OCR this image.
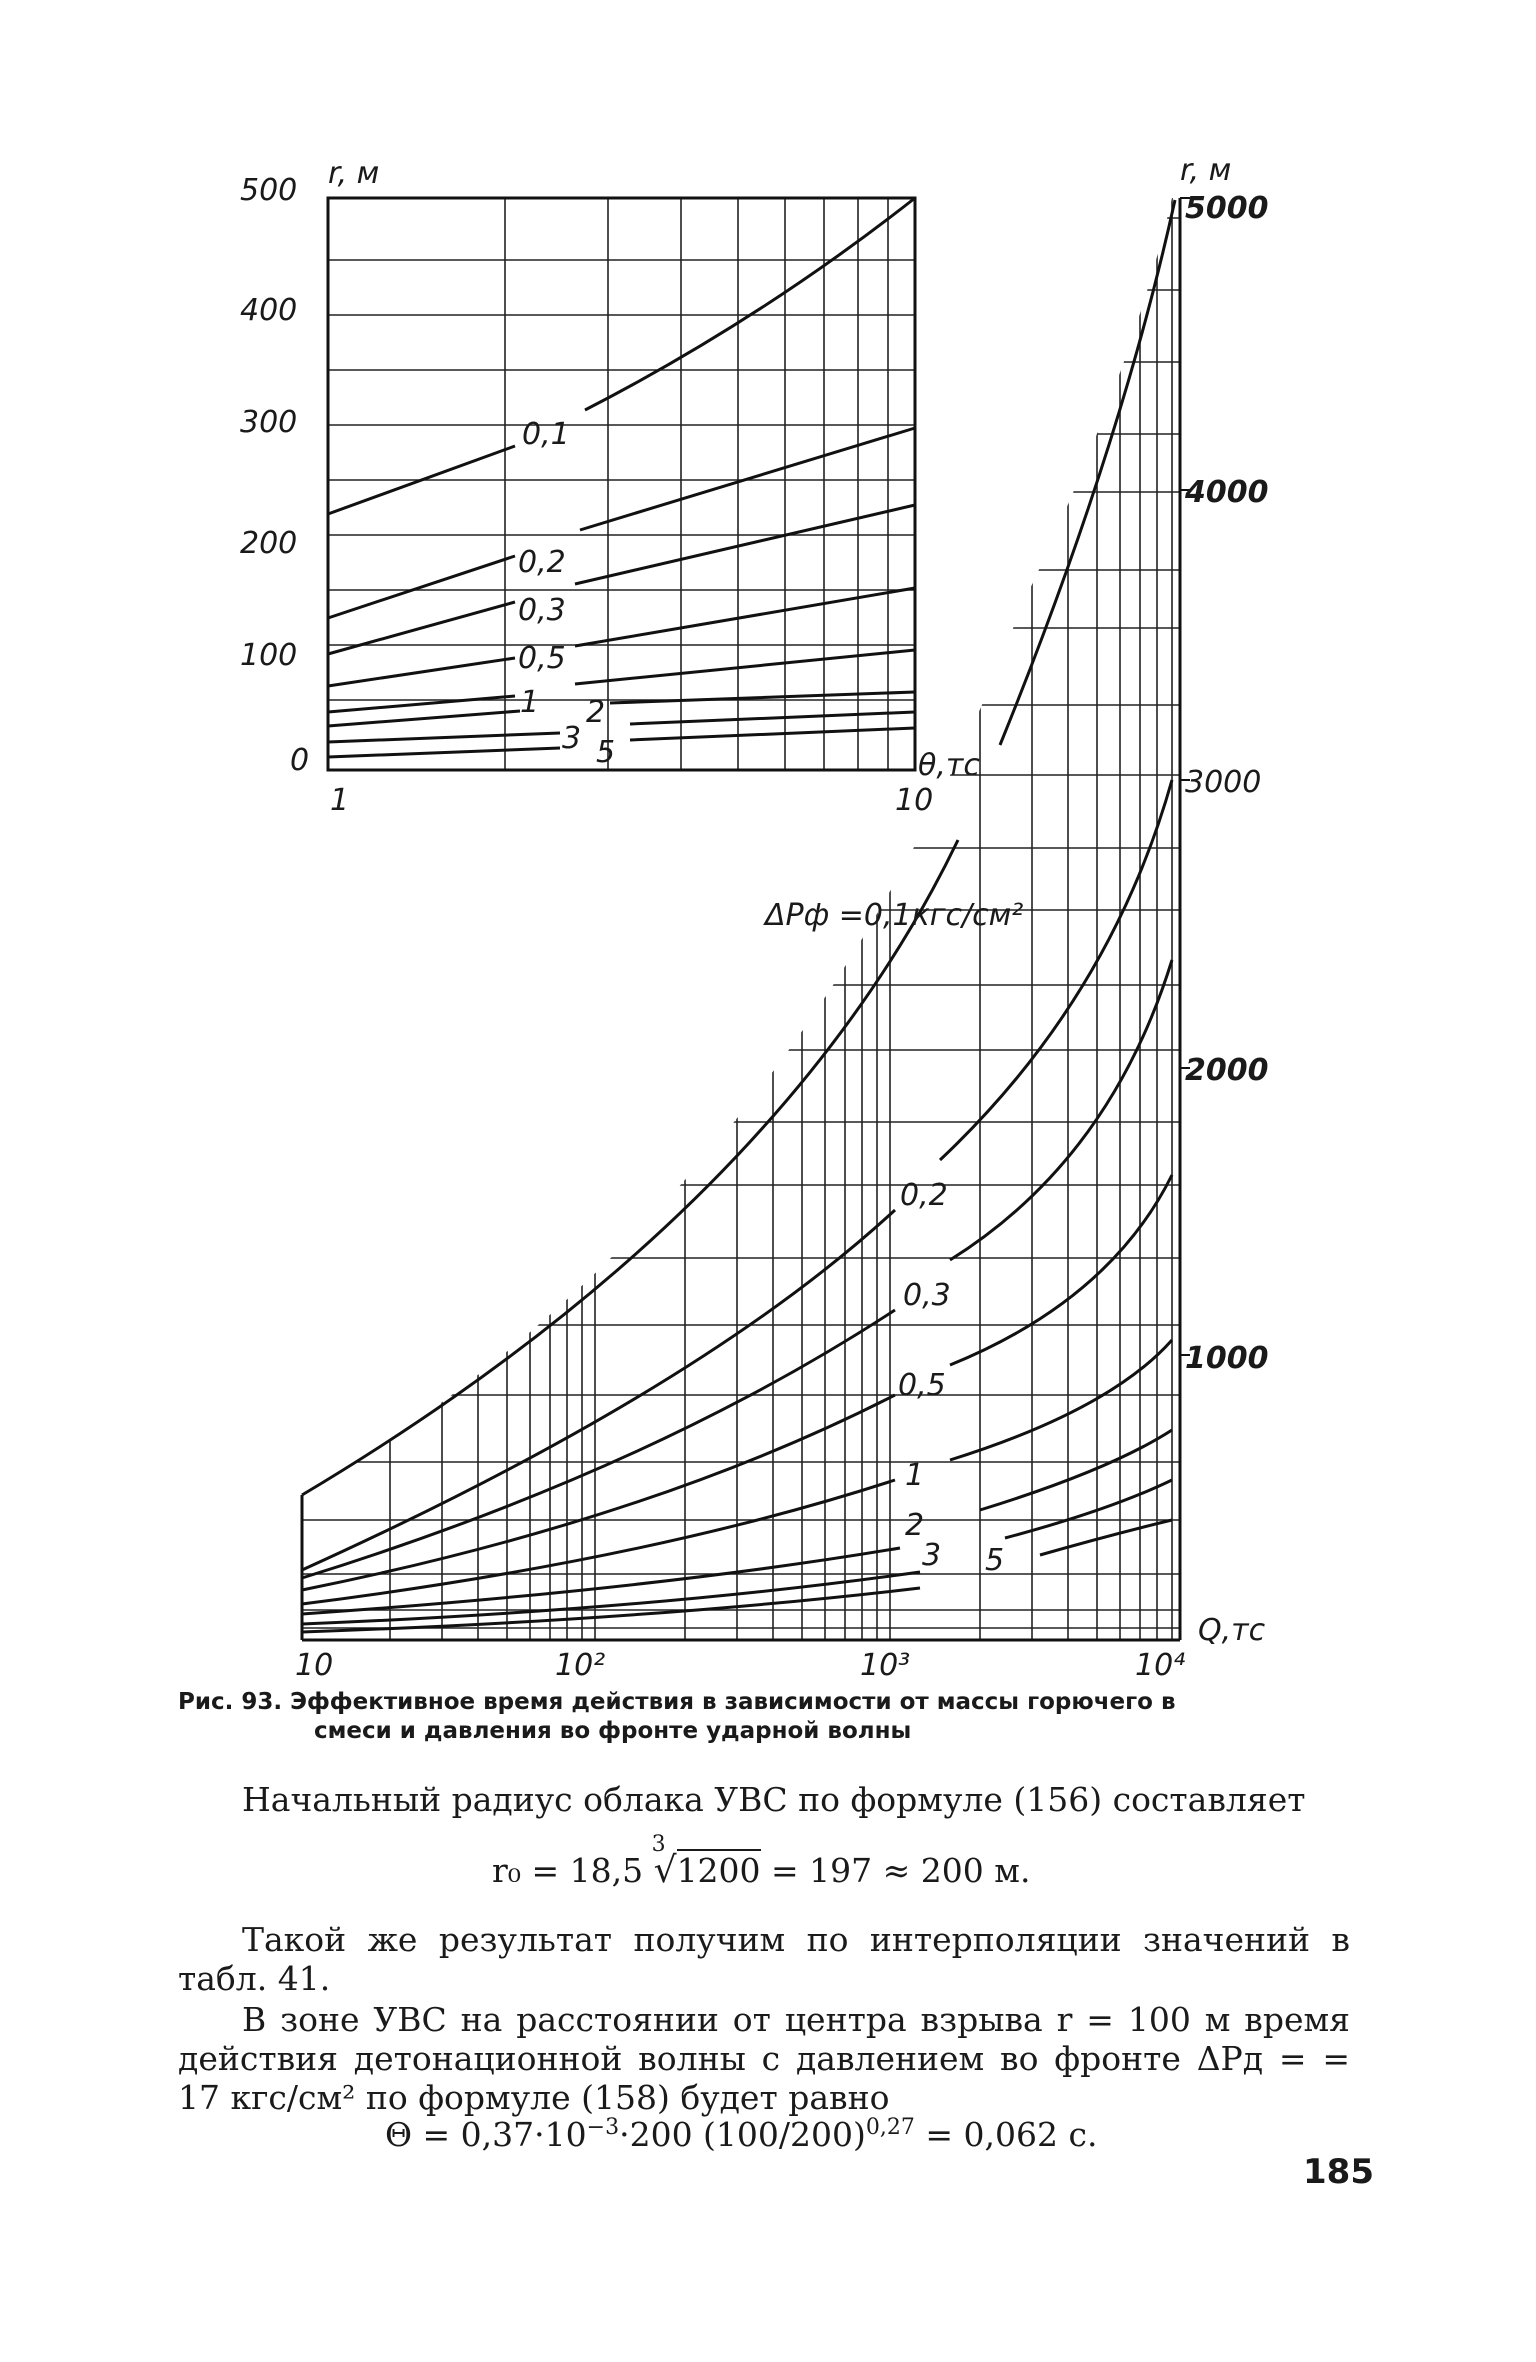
500
400
300
200
100
0
r, м
1	10
θ,тс
0,1
0,2
0,3
0,5
1 2
3 5
5000
4000
3000
2000
1000
r, м
10	10²	10³	10⁴
Q,тс
ΔPф =0,1кгс/см²
0,2
0,3
0,5
1
2
3 5
Рис. 93. Эффективное время действия в зависимости от массы горючего в
смеси и давления во фронте ударной волны
Начальный радиус облака УВС по формуле (156) составляет
r₀ = 18,5
3
√1200 = 197 ≈ 200 м.
Такой же результат получим по интерполяции значений в табл. 41.
В зоне УВС на расстоянии от центра взрыва r = 100 м время действия детонационной волны с давлением во фронте ΔPд = = 17 кгс/см² по формуле (158) будет равно
$\Theta = 0,37\cdot 10^{-3}\cdot 200$ $(100/200)^{0,27} = 0,062$ с.
185
